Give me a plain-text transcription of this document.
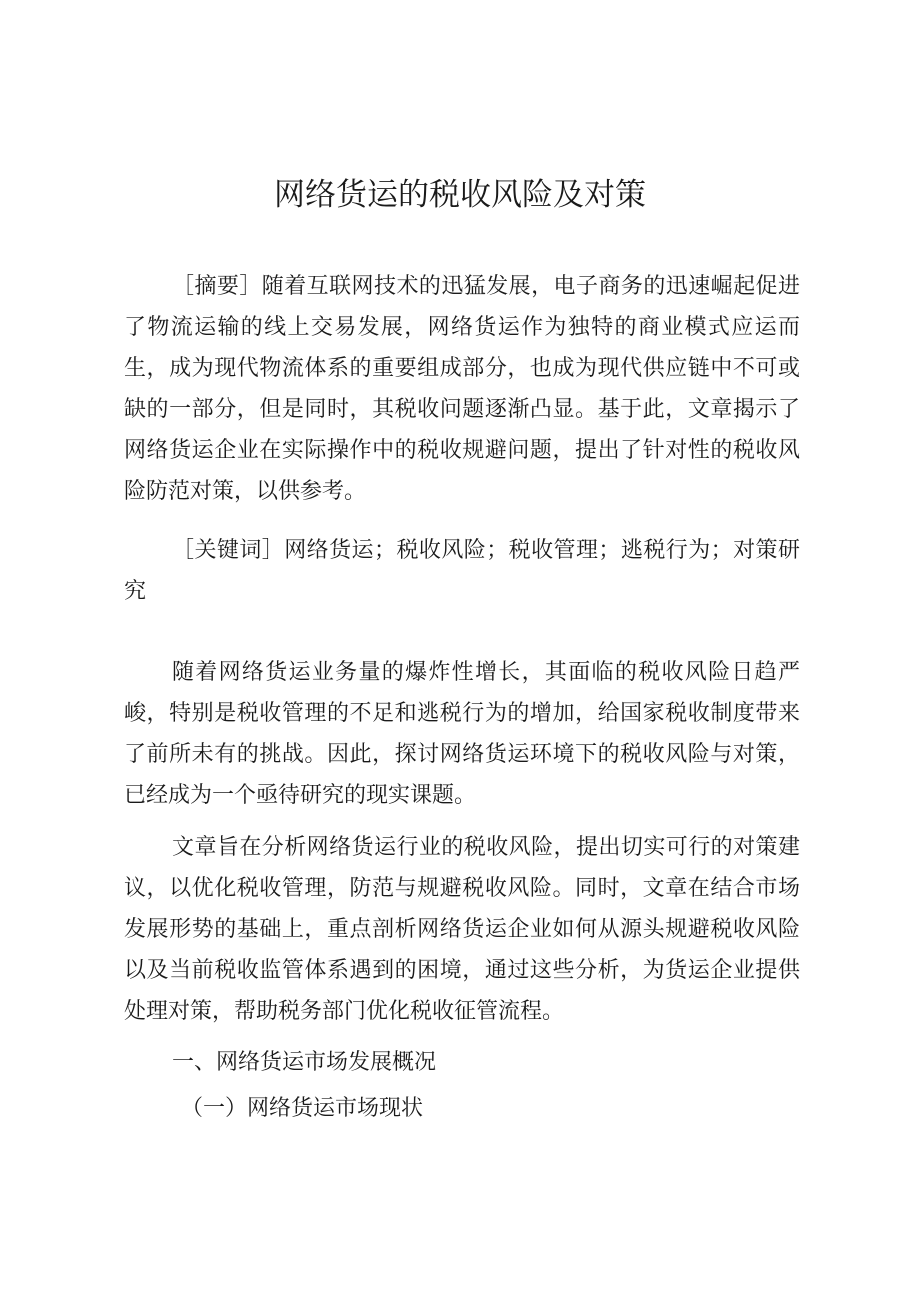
网络货运的税收风险及对策

［摘要］随着互联网技术的迅猛发展，电子商务的迅速崛起促进了物流运输的线上交易发展，网络货运作为独特的商业模式应运而生，成为现代物流体系的重要组成部分，也成为现代供应链中不可或缺的一部分，但是同时，其税收问题逐渐凸显。基于此，文章揭示了网络货运企业在实际操作中的税收规避问题，提出了针对性的税收风险防范对策，以供参考。

［关键词］网络货运；税收风险；税收管理；逃税行为；对策研究

随着网络货运业务量的爆炸性增长，其面临的税收风险日趋严峻，特别是税收管理的不足和逃税行为的增加，给国家税收制度带来了前所未有的挑战。因此，探讨网络货运环境下的税收风险与对策，已经成为一个亟待研究的现实课题。

文章旨在分析网络货运行业的税收风险，提出切实可行的对策建议，以优化税收管理，防范与规避税收风险。同时，文章在结合市场发展形势的基础上，重点剖析网络货运企业如何从源头规避税收风险以及当前税收监管体系遇到的困境，通过这些分析，为货运企业提供处理对策，帮助税务部门优化税收征管流程。

一、网络货运市场发展概况
（一）网络货运市场现状
